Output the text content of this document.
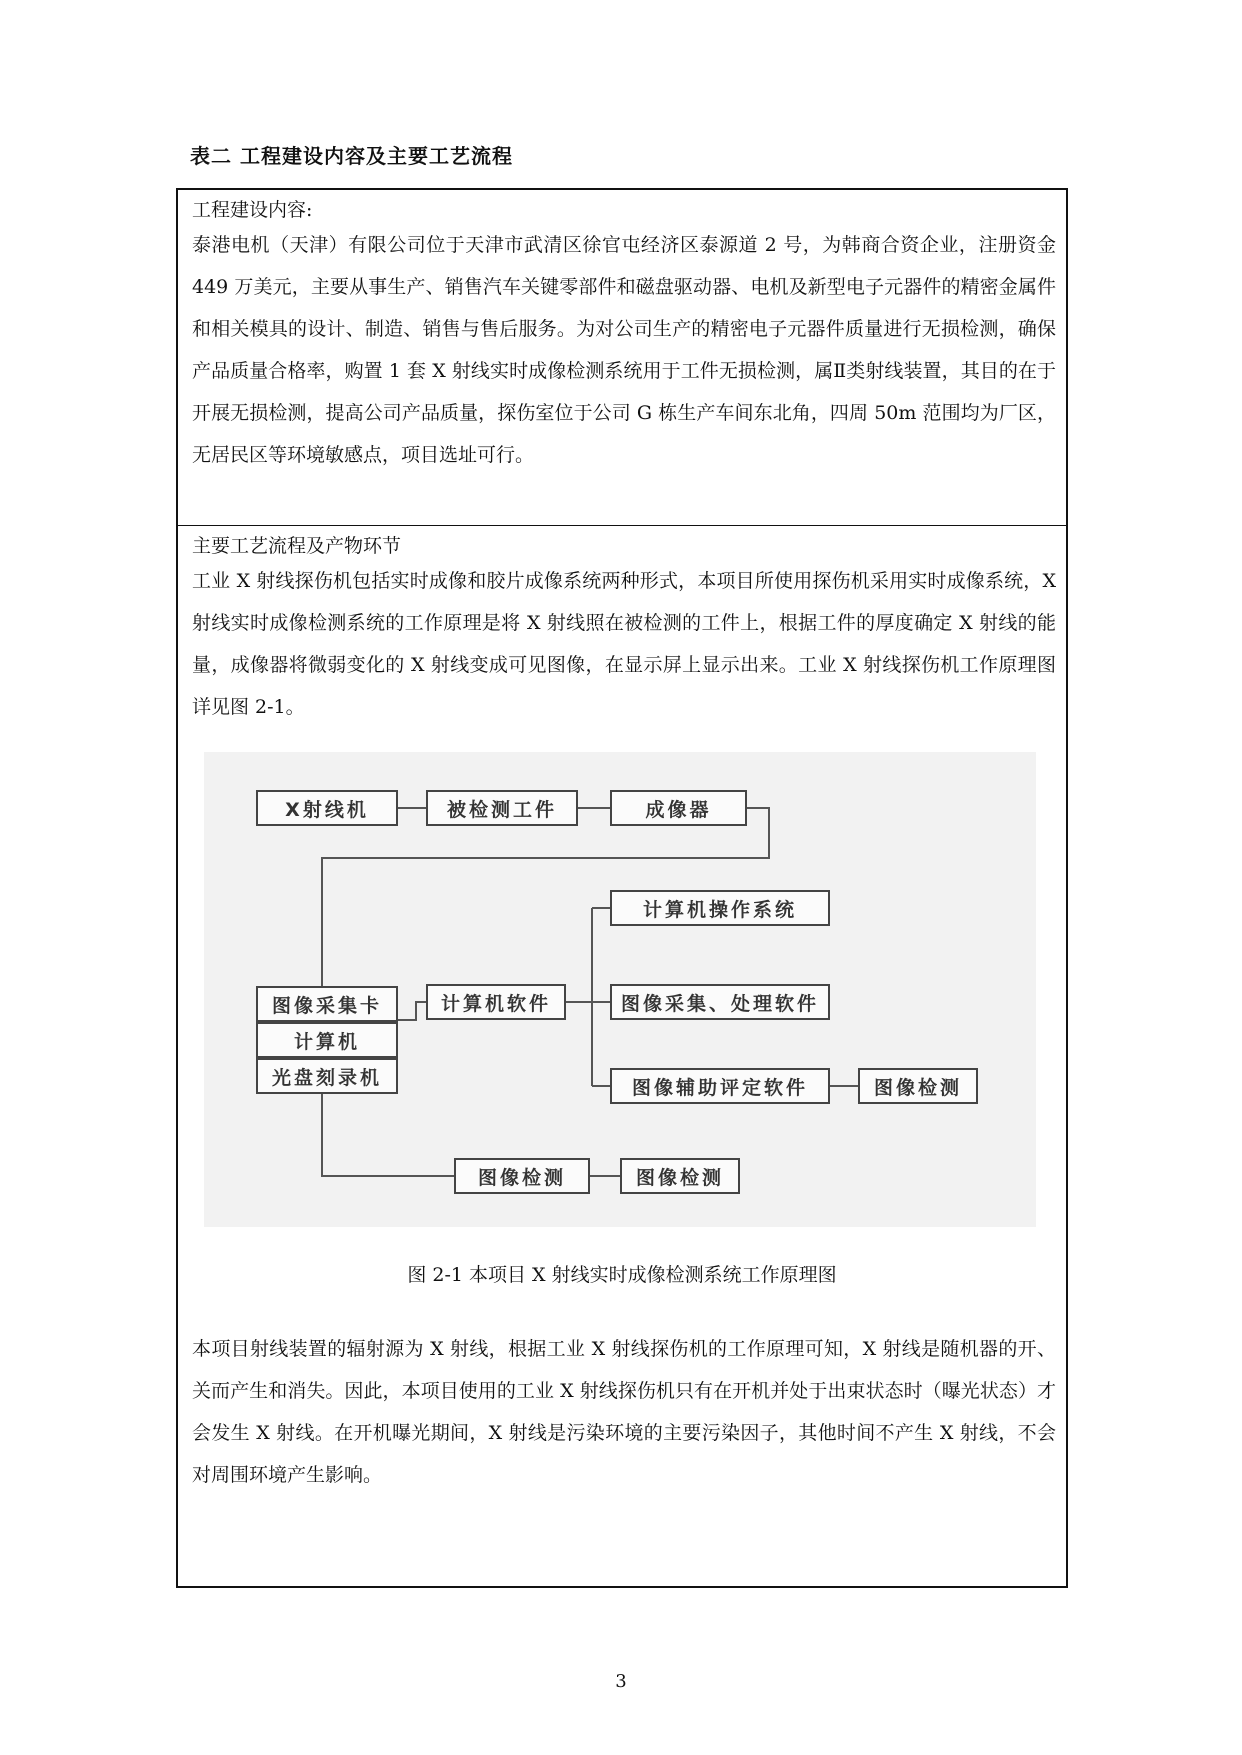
表二 工程建设内容及主要工艺流程
工程建设内容:

泰港电机（天津）有限公司位于天津市武清区徐官屯经济区泰源道 2 号，为韩商合资企业，注册资金 449 万美元，主要从事生产、销售汽车关键零部件和磁盘驱动器、电机及新型电子元器件的精密金属件和相关模具的设计、制造、销售与售后服务。为对公司生产的精密电子元器件质量进行无损检测，确保产品质量合格率，购置 1 套 X 射线实时成像检测系统用于工件无损检测，属Ⅱ类射线装置，其目的在于开展无损检测，提高公司产品质量，探伤室位于公司 G 栋生产车间东北角，四周 50m 范围均为厂区，无居民区等环境敏感点，项目选址可行。

主要工艺流程及产物环节

工业 X 射线探伤机包括实时成像和胶片成像系统两种形式，本项目所使用探伤机采用实时成像系统，X 射线实时成像检测系统的工作原理是将 X 射线照在被检测的工件上，根据工件的厚度确定 X 射线的能量，成像器将微弱变化的 X 射线变成可见图像，在显示屏上显示出来。工业 X 射线探伤机工作原理图详见图 2-1。

X射线机	被检测工件	成像器
计算机操作系统
图像采集卡
计算机
光盘刻录机
计算机软件	图像采集、处理软件
图像辅助评定软件	图像检测
图像检测	图像检测
图 2-1 本项目 X 射线实时成像检测系统工作原理图

本项目射线装置的辐射源为 X 射线，根据工业 X 射线探伤机的工作原理可知，X 射线是随机器的开、关而产生和消失。因此，本项目使用的工业 X 射线探伤机只有在开机并处于出束状态时（曝光状态）才会发生 X 射线。在开机曝光期间，X 射线是污染环境的主要污染因子，其他时间不产生 X 射线，不会对周围环境产生影响。

3
